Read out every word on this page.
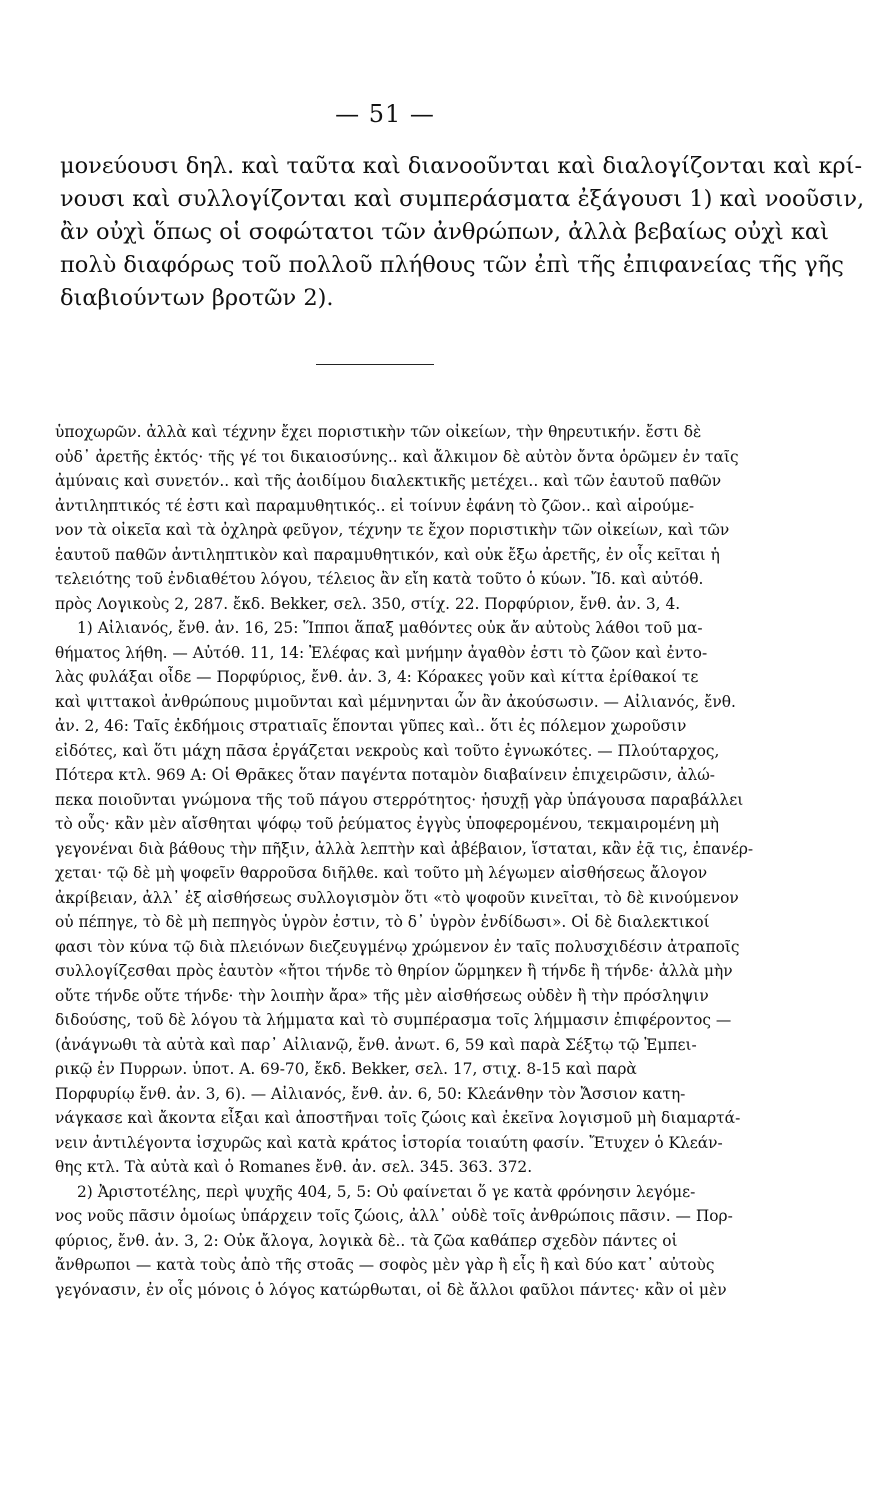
— 51 —

μονεύουσι δηλ. καὶ ταῦτα καὶ διανοοῦνται καὶ διαλογίζονται καὶ κρί-
νουσι καὶ συλλογίζονται καὶ συμπεράσματα ἐξάγουσι 1) καὶ νοοῦσιν,
ἂν οὐχὶ ὅπως οἱ σοφώτατοι τῶν ἀνθρώπων, ἀλλὰ βεβαίως οὐχὶ καὶ
πολὺ διαφόρως τοῦ πολλοῦ πλήθους τῶν ἐπὶ τῆς ἐπιφανείας τῆς γῆς
διαβιούντων βροτῶν 2).

ὑποχωρῶν. ἀλλὰ καὶ τέχνην ἔχει ποριστικὴν τῶν οἰκείων, τὴν θηρευτικήν. ἔστι δὲ
οὐδ᾽ ἀρετῆς ἐκτός· τῆς γέ τοι δικαιοσύνης.. καὶ ἄλκιμον δὲ αὐτὸν ὄντα ὁρῶμεν ἐν ταῖς
ἀμύναις καὶ συνετόν.. καὶ τῆς ἀοιδίμου διαλεκτικῆς μετέχει.. καὶ τῶν ἑαυτοῦ παθῶν
ἀντιληπτικός τέ ἐστι καὶ παραμυθητικός.. εἰ τοίνυν ἐφάνη τὸ ζῶον.. καὶ αἱρούμε-
νον τὰ οἰκεῖα καὶ τὰ ὀχληρὰ φεῦγον, τέχνην τε ἔχον ποριστικὴν τῶν οἰκείων, καὶ τῶν
ἑαυτοῦ παθῶν ἀντιληπτικὸν καὶ παραμυθητικόν, καὶ οὐκ ἔξω ἀρετῆς, ἐν οἷς κεῖται ἡ
τελειότης τοῦ ἐνδιαθέτου λόγου, τέλειος ἂν εἴη κατὰ τοῦτο ὁ κύων. Ἴδ. καὶ αὐτόθ.
πρὸς Λογικοὺς 2, 287. ἔκδ. Bekker, σελ. 350, στίχ. 22. Πορφύριον, ἔνθ. ἀν. 3, 4.
1) Αἰλιανός, ἔνθ. ἀν. 16, 25: Ἵπποι ἅπαξ μαθόντες οὐκ ἄν αὐτοὺς λάθοι τοῦ μα-
θήματος λήθη. — Αὐτόθ. 11, 14: Ἐλέφας καὶ μνήμην ἀγαθὸν ἐστι τὸ ζῶον καὶ ἐντο-
λὰς φυλάξαι οἶδε — Πορφύριος, ἔνθ. ἀν. 3, 4: Κόρακες γοῦν καὶ κίττα ἐρίθακοί τε
καὶ ψιττακοὶ ἀνθρώπους μιμοῦνται καὶ μέμνηνται ὧν ἂν ἀκούσωσιν. — Αἰλιανός, ἔνθ.
ἀν. 2, 46: Ταῖς ἐκδήμοις στρατιαῖς ἕπονται γῦπες καὶ.. ὅτι ἐς πόλεμον χωροῦσιν
εἰδότες, καὶ ὅτι μάχη πᾶσα ἐργάζεται νεκροὺς καὶ τοῦτο ἐγνωκότες. — Πλούταρχος,
Πότερα κτλ. 969 A: Οἱ Θρᾶκες ὅταν παγέντα ποταμὸν διαβαίνειν ἐπιχειρῶσιν, ἀλώ-
πεκα ποιοῦνται γνώμονα τῆς τοῦ πάγου στερρότητος· ἡσυχῇ γὰρ ὑπάγουσα παραβάλλει
τὸ οὖς· κἂν μὲν αἴσθηται ψόφῳ τοῦ ῥεύματος ἐγγὺς ὑποφερομένου, τεκμαιρομένη μὴ
γεγονέναι διὰ βάθους τὴν πῆξιν, ἀλλὰ λεπτὴν καὶ ἀβέβαιον, ἵσταται, κἂν ἐᾷ τις, ἐπανέρ-
χεται· τῷ δὲ μὴ ψοφεῖν θαρροῦσα διῆλθε. καὶ τοῦτο μὴ λέγωμεν αἰσθήσεως ἄλογον
ἀκρίβειαν, ἀλλ᾽ ἐξ αἰσθήσεως συλλογισμὸν ὅτι «τὸ ψοφοῦν κινεῖται, τὸ δὲ κινούμενον
οὐ πέπηγε, τὸ δὲ μὴ πεπηγὸς ὑγρὸν ἐστιν, τὸ δ᾽ ὑγρὸν ἐνδίδωσι». Οἱ δὲ διαλεκτικοί
φασι τὸν κύνα τῷ διὰ πλειόνων διεζευγμένῳ χρώμενον ἐν ταῖς πολυσχιδέσιν ἀτραποῖς
συλλογίζεσθαι πρὸς ἑαυτὸν «ἤτοι τήνδε τὸ θηρίον ὥρμηκεν ἢ τήνδε ἢ τήνδε· ἀλλὰ μὴν
οὔτε τήνδε οὔτε τήνδε· τὴν λοιπὴν ἄρα» τῆς μὲν αἰσθήσεως οὐδὲν ἢ τὴν πρόσληψιν
διδούσης, τοῦ δὲ λόγου τὰ λήμματα καὶ τὸ συμπέρασμα τοῖς λήμμασιν ἐπιφέροντος —
(ἀνάγνωθι τὰ αὐτὰ καὶ παρ᾽ Αἰλιανῷ, ἔνθ. ἀνωτ. 6, 59 καὶ παρὰ Σέξτῳ τῷ Ἐμπει-
ρικῷ ἐν Πυρρων. ὑποτ. Α. 69-70, ἔκδ. Bekker, σελ. 17, στιχ. 8-15 καὶ παρὰ
Πορφυρίῳ ἔνθ. ἀν. 3, 6). — Αἰλιανός, ἔνθ. ἀν. 6, 50: Κλεάνθην τὸν Ἄσσιον κατη-
νάγκασε καὶ ἄκοντα εἶξαι καὶ ἀποστῆναι τοῖς ζώοις καὶ ἐκεῖνα λογισμοῦ μὴ διαμαρτά-
νειν ἀντιλέγοντα ἰσχυρῶς καὶ κατὰ κράτος ἱστορία τοιαύτη φασίν. Ἔτυχεν ὁ Κλεάν-
θης κτλ. Τὰ αὐτὰ καὶ ὁ Romanes ἔνθ. ἀν. σελ. 345. 363. 372.
2) Ἀριστοτέλης, περὶ ψυχῆς 404, 5, 5: Οὐ φαίνεται ὅ γε κατὰ φρόνησιν λεγόμε-
νος νοῦς πᾶσιν ὁμοίως ὑπάρχειν τοῖς ζώοις, ἀλλ᾽ οὐδὲ τοῖς ἀνθρώποις πᾶσιν. — Πορ-
φύριος, ἔνθ. ἀν. 3, 2: Οὐκ ἄλογα, λογικὰ δὲ.. τὰ ζῶα καθάπερ σχεδὸν πάντες οἱ
ἄνθρωποι — κατὰ τοὺς ἀπὸ τῆς στοᾶς — σοφὸς μὲν γὰρ ἢ εἷς ἢ καὶ δύο κατ᾽ αὐτοὺς
γεγόνασιν, ἐν οἷς μόνοις ὁ λόγος κατώρθωται, οἱ δὲ ἄλλοι φαῦλοι πάντες· κἂν οἱ μὲν
